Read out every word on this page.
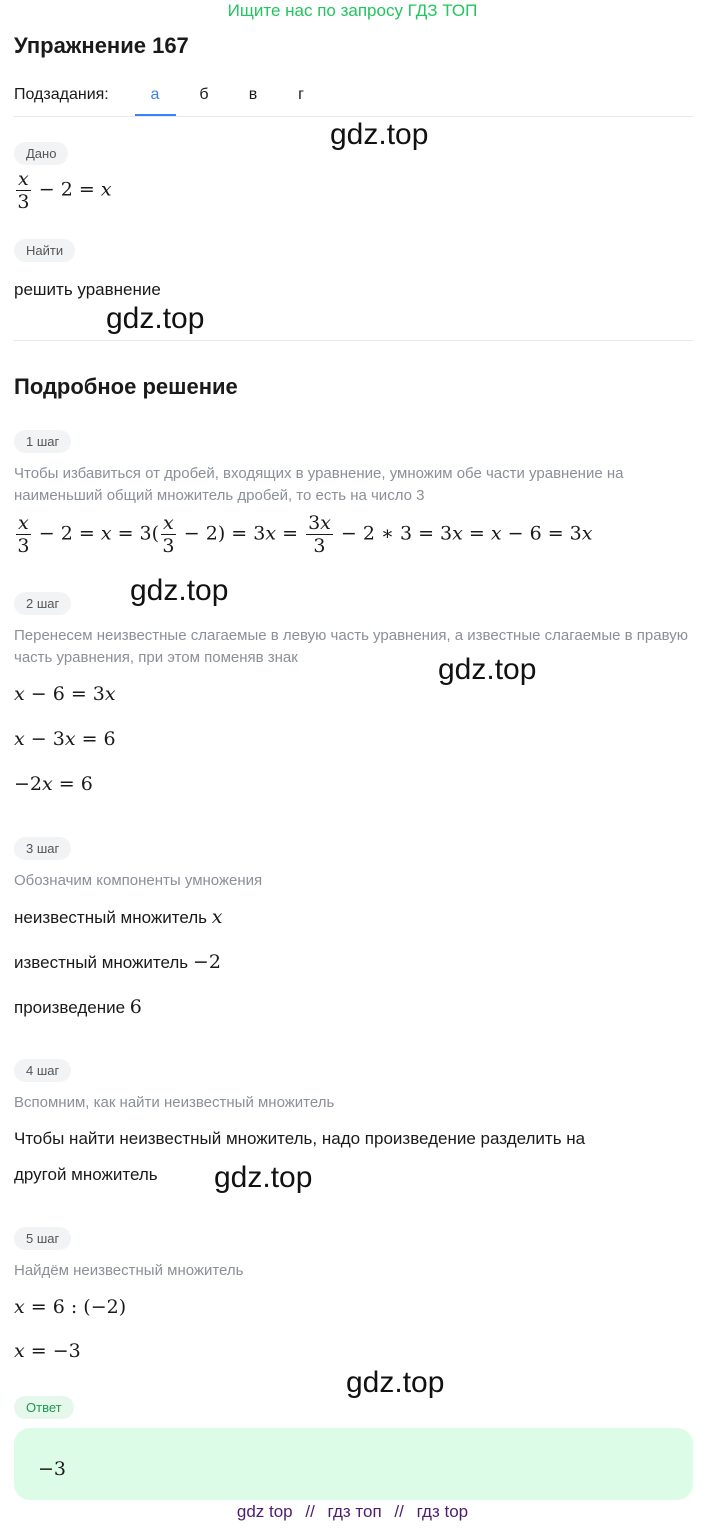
Ищите нас по запросу ГДЗ ТОП
Упражнение 167
Подзадания:	а	б	в	г
gdz.top
Дано
$\frac{x}{3} - 2 = x$
Найти
решить уравнение
gdz.top
Подробное решение
1 шаг
Чтобы избавиться от дробей, входящих в уравнение, умножим обе части уравнение на наименьший общий множитель дробей, то есть на число 3
$\frac{x}{3} - 2 = x = 3( \frac{x}{3} - 2) = 3x = \frac{3x}{3} - 2$ ∗ 3 = 3x = x − 6 = 3x
gdz.top
2 шаг
Перенесем неизвестные слагаемые в левую часть уравнения, а известные слагаемые в правую часть уравнения, при этом поменяв знак	gdz.top
x − 6 = 3x
x − 3x = 6
−2x = 6
3 шаг
Обозначим компоненты умножения
неизвестный множитель x
известный множитель −2
произведение 6
4 шаг
Вспомним, как найти неизвестный множитель
Чтобы найти неизвестный множитель, надо произведение разделить на
другой множитель gdz.top
5 шаг
Найдём неизвестный множитель
x = 6 : (−2)
x = −3
gdz.top
Ответ
−3
gdz top // гдз топ // гдз top
